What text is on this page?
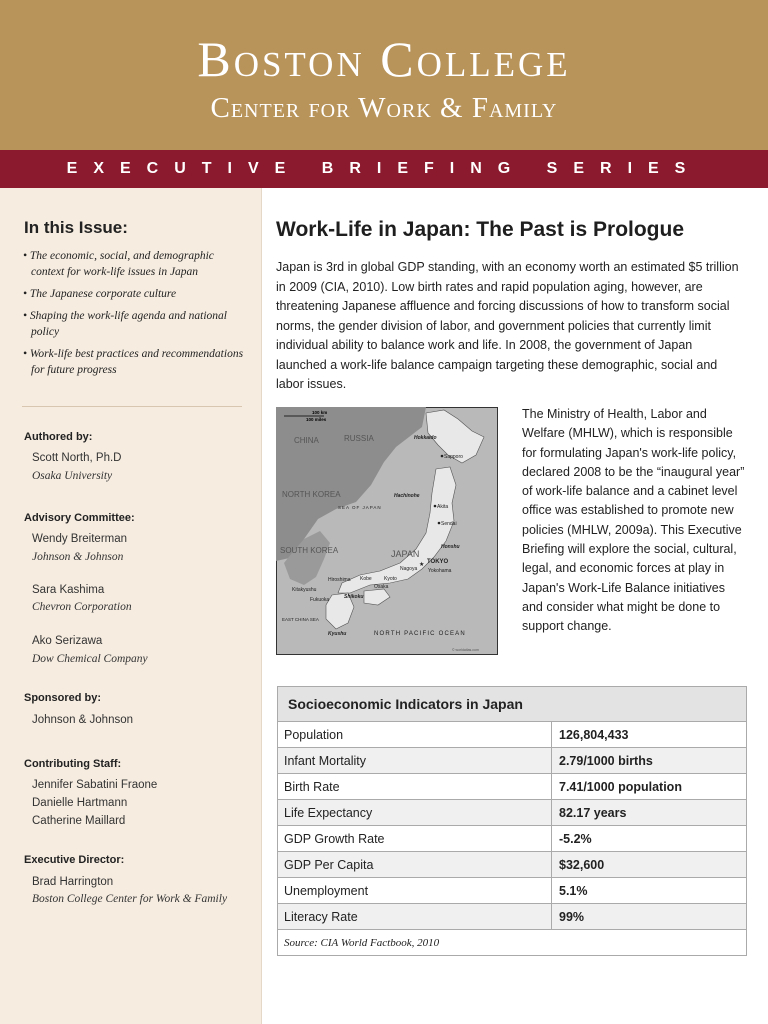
Boston College
Center for Work & Family
EXECUTIVE BRIEFING SERIES
In this Issue:
• The economic, social, and demographic context for work-life issues in Japan
• The Japanese corporate culture
• Shaping the work-life agenda and national policy
• Work-life best practices and recommendations for future progress
Authored by:
Scott North, Ph.D
Osaka University
Advisory Committee:
Wendy Breiterman
Johnson & Johnson
Sara Kashima
Chevron Corporation
Ako Serizawa
Dow Chemical Company
Sponsored by:
Johnson & Johnson
Contributing Staff:
Jennifer Sabatini Fraone
Danielle Hartmann
Catherine Maillard
Executive Director:
Brad Harrington
Boston College Center for Work & Family
Work-Life in Japan: The Past is Prologue

Japan is 3rd in global GDP standing, with an economy worth an estimated $5 trillion in 2009 (CIA, 2010). Low birth rates and rapid population aging, however, are threatening Japanese affluence and forcing discussions of how to transform social norms, the gender division of labor, and government policies that currently limit individual ability to balance work and life. In 2008, the government of Japan launched a work-life balance campaign targeting these demographic, social and labor issues.

100 km
100 miles
CHINA	RUSSIA	Hokkaido
Sapporo
NORTH KOREA
SEA OF JAPAN
Hachinohe
Akita
Sendai
Honshu
SOUTH KOREA	JAPAN
TOKYO
★
Nagoya Yokohama
Hiroshima Kobe Kyoto
Osaka
Kitakyushu
Fukuoka	Shikoku
EAST CHINA SEA
Kyushu	NORTH PACIFIC OCEAN
© worldatlas.com

The Ministry of Health, Labor and Welfare (MHLW), which is responsible for formulating Japan's work-life policy, declared 2008 to be the “inaugural year” of work-life balance and a cabinet level office was established to promote new policies (MHLW, 2009a). This Executive Briefing will explore the social, cultural, legal, and economic forces at play in Japan's Work-Life Balance initiatives and consider what might be done to support change.

Socioeconomic Indicators in Japan	
Population	126,804,433
Infant Mortality	2.79/1000 births
Birth Rate	7.41/1000 population
Life Expectancy	82.17 years
GDP Growth Rate	-5.2%
GDP Per Capita	$32,600
Unemployment	5.1%
Literacy Rate	99%
Source: CIA World Factbook, 2010	
